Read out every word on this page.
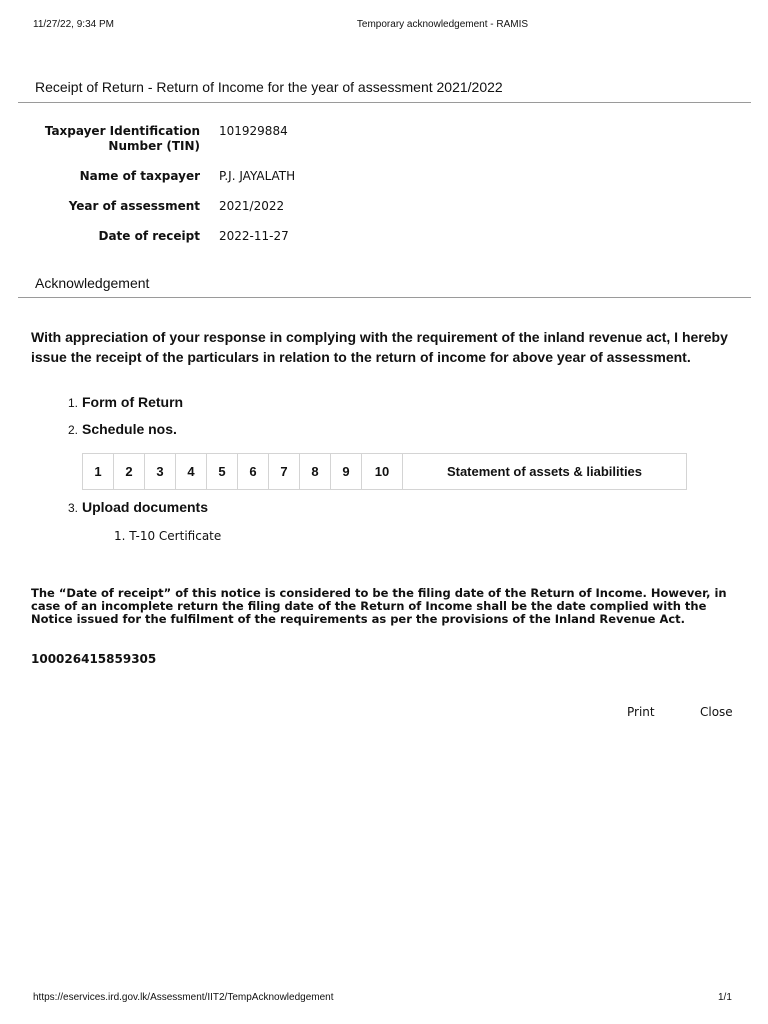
11/27/22, 9:34 PM	Temporary acknowledgement - RAMIS
Receipt of Return - Return of Income for the year of assessment 2021/2022
Taxpayer Identification
Number (TIN)
101929884
Name of taxpayer P.J. JAYALATH
Year of assessment 2021/2022
Date of receipt 2022-11-27
Acknowledgement
With appreciation of your response in complying with the requirement of the inland revenue act, I hereby issue the receipt of the particulars in relation to the return of income for above year of assessment.
1. Form of Return
2. Schedule nos.
1	2	3	4	5	6	7	8	9	10	Statement of assets & liabilities
3. Upload documents
1. T-10 Certificate
The “Date of receipt” of this notice is considered to be the filing date of the Return of Income. However, in case of an incomplete return the filing date of the Return of Income shall be the date complied with the Notice issued for the fulfilment of the requirements as per the provisions of the Inland Revenue Act.
100026415859305
Print	Close
https://eservices.ird.gov.lk/Assessment/IIT2/TempAcknowledgement	1/1
